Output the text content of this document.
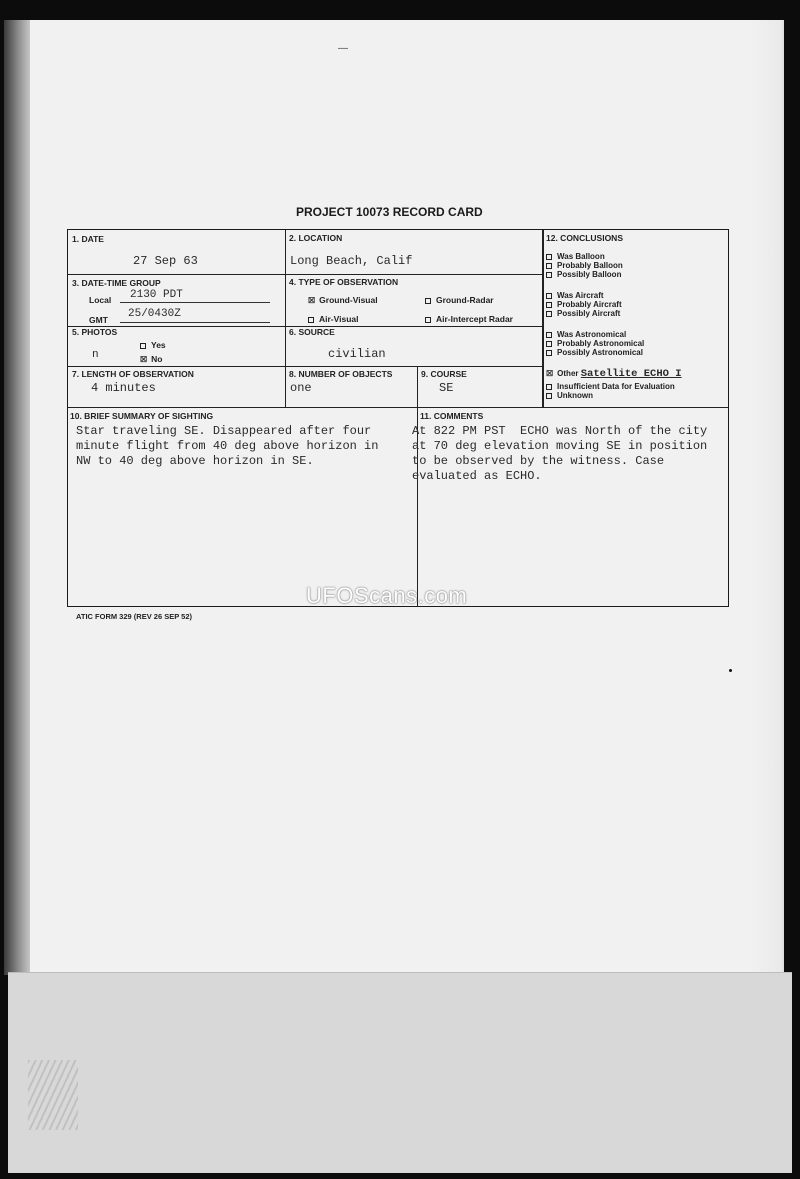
—
PROJECT 10073 RECORD CARD
1. DATE
27 Sep 63
2. LOCATION
Long Beach, Calif
3. DATE-TIME GROUP
Local 2130 PDT
GMT 25/0430Z
4. TYPE OF OBSERVATION
☒ Ground-Visual	Ground-Radar
Air-Visual	Air-Intercept Radar
5. PHOTOS
Yes
n	☒ No
6. SOURCE
civilian
7. LENGTH OF OBSERVATION
4 minutes
8. NUMBER OF OBJECTS
one
9. COURSE
SE
12. CONCLUSIONS
Was Balloon
Probably Balloon
Possibly Balloon
Was Aircraft
Probably Aircraft
Possibly Aircraft
Was Astronomical
Probably Astronomical
Possibly Astronomical
☒ Other Satellite ECHO I
Insufficient Data for Evaluation
Unknown
10. BRIEF SUMMARY OF SIGHTING
Star traveling SE. Disappeared after four
minute flight from 40 deg above horizon in
NW to 40 deg above horizon in SE.
11. COMMENTS
At 822 PM PST  ECHO was North of the city
at 70 deg elevation moving SE in position
to be observed by the witness. Case
evaluated as ECHO.
UFOScans.com
ATIC FORM 329 (REV 26 SEP 52)
